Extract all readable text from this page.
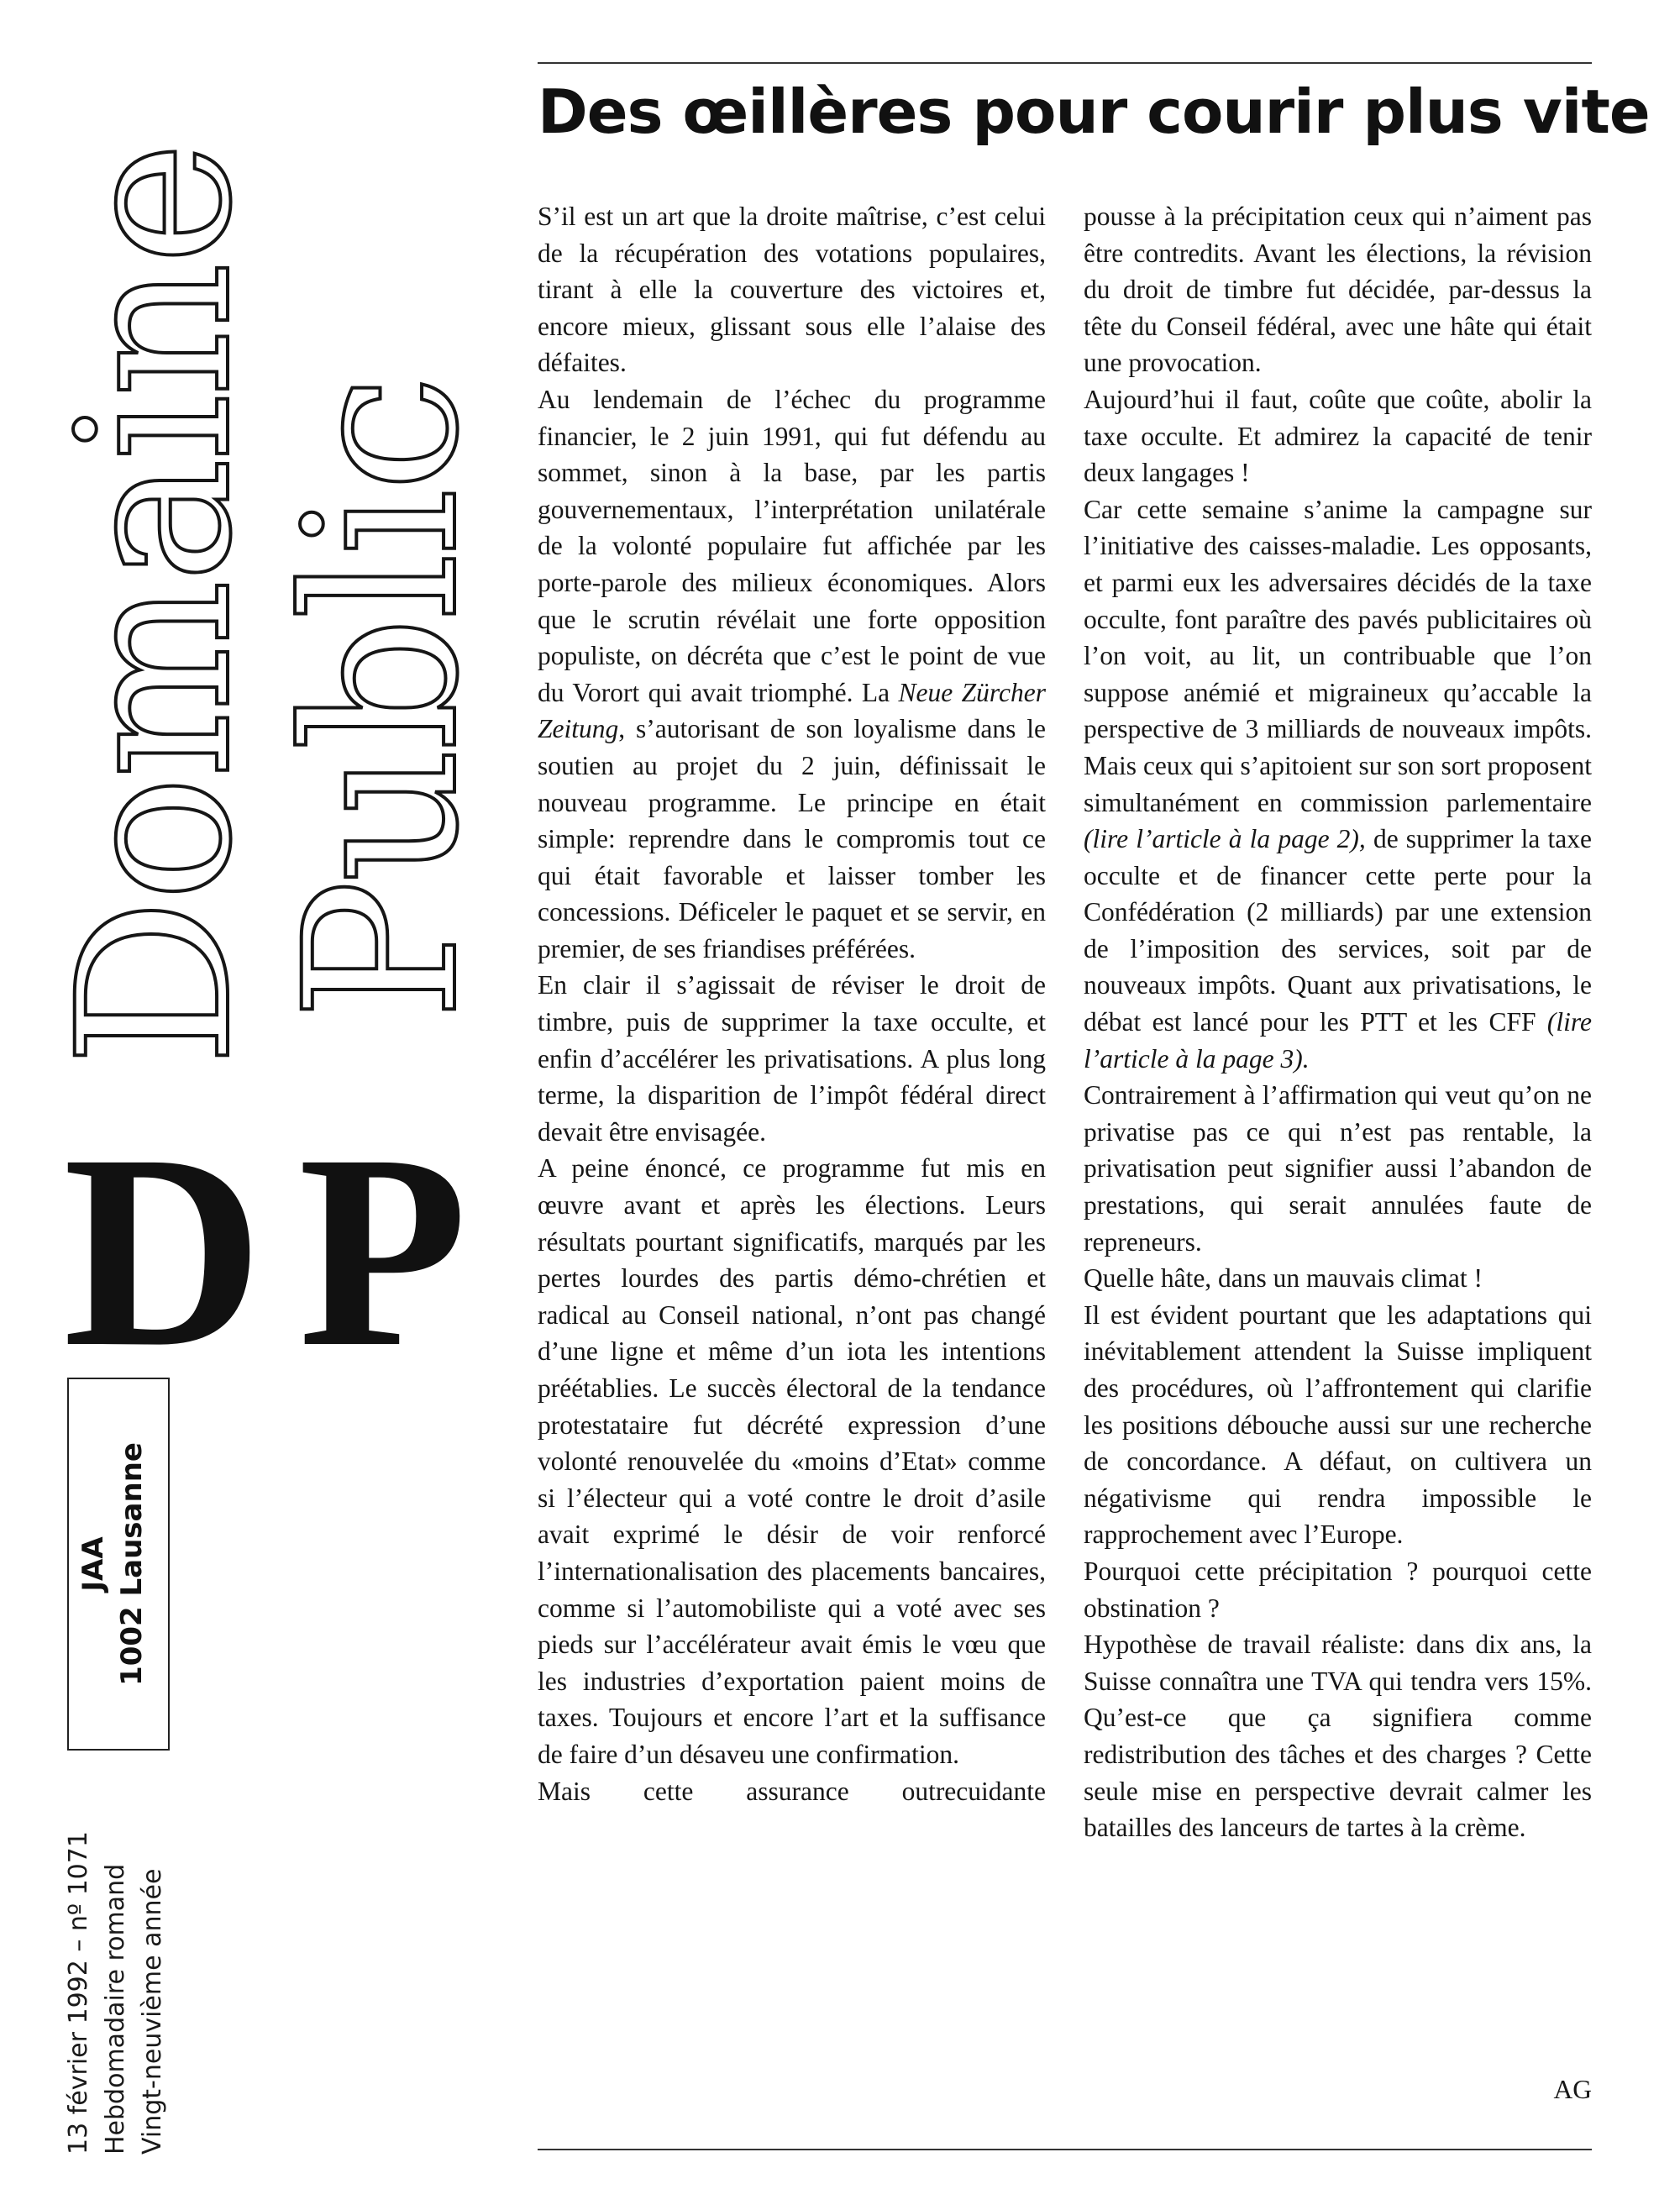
Domaine
Public
D P
JAA 1002 Lausanne
13 février 1992 – nº 1071 Hebdomadaire romand Vingt-neuvième année
Des œillères pour courir plus vite

S’il est un art que la droite maîtrise, c’est celui de la récupération des votations populaires, tirant à elle la couverture des victoires et, encore mieux, glissant sous elle l’alaise des défaites.

Au lendemain de l’échec du programme financier, le 2 juin 1991, qui fut défendu au sommet, sinon à la base, par les partis gouvernementaux, l’interprétation unilatérale de la volonté populaire fut affichée par les porte-parole des milieux économiques. Alors que le scrutin révélait une forte opposition populiste, on décréta que c’est le point de vue du Vorort qui avait triomphé. La Neue Zürcher Zeitung, s’autorisant de son loyalisme dans le soutien au projet du 2 juin, définissait le nouveau programme. Le principe en était simple: reprendre dans le compromis tout ce qui était favorable et laisser tomber les concessions. Déficeler le paquet et se servir, en premier, de ses friandises préférées.

En clair il s’agissait de réviser le droit de timbre, puis de supprimer la taxe occulte, et enfin d’accélérer les privatisations. A plus long terme, la disparition de l’impôt fédéral direct devait être envisagée.

A peine énoncé, ce programme fut mis en œuvre avant et après les élections. Leurs résultats pourtant significatifs, marqués par les pertes lourdes des partis démo-chrétien et radical au Conseil national, n’ont pas changé d’une ligne et même d’un iota les intentions préétablies. Le succès électoral de la tendance protestataire fut décrété expression d’une volonté renouvelée du «moins d’Etat» comme si l’électeur qui a voté contre le droit d’asile avait exprimé le désir de voir renforcé l’internationalisation des placements bancaires, comme si l’automobiliste qui a voté avec ses pieds sur l’accélérateur avait émis le vœu que les industries d’exportation paient moins de taxes. Toujours et encore l’art et la suffisance de faire d’un désaveu une confirmation.

Mais cette assurance outrecuidante

pousse à la précipitation ceux qui n’aiment pas être contredits. Avant les élections, la révision du droit de timbre fut décidée, par-dessus la tête du Conseil fédéral, avec une hâte qui était une provocation.

Aujourd’hui il faut, coûte que coûte, abolir la taxe occulte. Et admirez la capacité de tenir deux langages !

Car cette semaine s’anime la campagne sur l’initiative des caisses-maladie. Les opposants, et parmi eux les adversaires décidés de la taxe occulte, font paraître des pavés publicitaires où l’on voit, au lit, un contribuable que l’on suppose anémié et migraineux qu’accable la perspective de 3 milliards de nouveaux impôts. Mais ceux qui s’apitoient sur son sort proposent simultanément en commission parlementaire (lire l’article à la page 2), de supprimer la taxe occulte et de financer cette perte pour la Confédération (2 milliards) par une extension de l’imposition des services, soit par de nouveaux impôts. Quant aux privatisations, le débat est lancé pour les PTT et les CFF (lire l’article à la page 3).

Contrairement à l’affirmation qui veut qu’on ne privatise pas ce qui n’est pas rentable, la privatisation peut signifier aussi l’abandon de prestations, qui serait annulées faute de repreneurs.

Quelle hâte, dans un mauvais climat !

Il est évident pourtant que les adaptations qui inévitablement attendent la Suisse impliquent des procédures, où l’affrontement qui clarifie les positions débouche aussi sur une recherche de concordance. A défaut, on cultivera un négativisme qui rendra impossible le rapprochement avec l’Europe.

Pourquoi cette précipitation ? pourquoi cette obstination ?

Hypothèse de travail réaliste: dans dix ans, la Suisse connaîtra une TVA qui tendra vers 15%. Qu’est-ce que ça signifiera comme redistribution des tâches et des charges ? Cette seule mise en perspective devrait calmer les batailles des lanceurs de tartes à la crème.

AG
